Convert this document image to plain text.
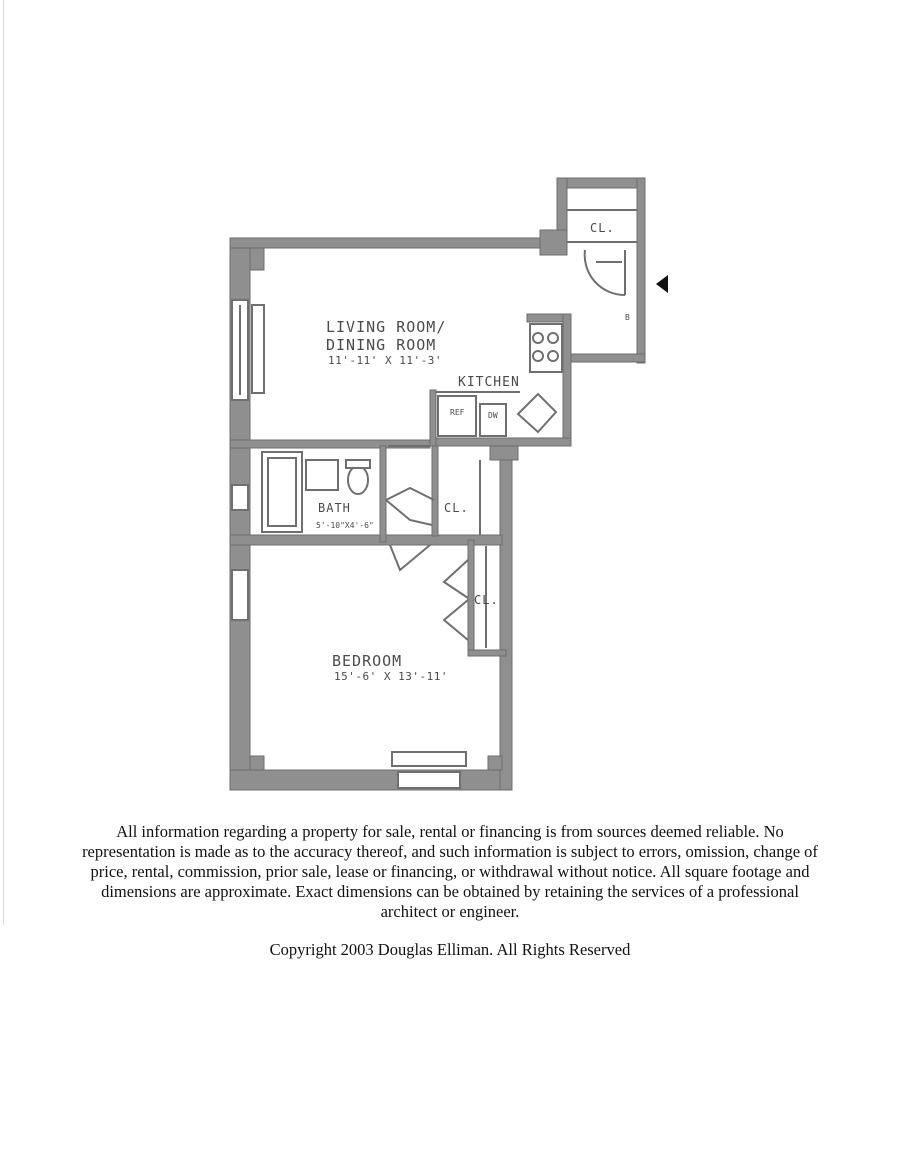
LIVING ROOM/
DINING ROOM
11'-11' X 11'-3'
KITCHEN
REF	DW
CL.
B
BATH
5'-10"X4'-6"
CL.
CL.
BEDROOM
15'-6' X 13'-11'

All information regarding a property for sale, rental or financing is from sources deemed reliable. No representation is made as to the accuracy thereof, and such information is subject to errors, omission, change of price, rental, commission, prior sale, lease or financing, or withdrawal without notice. All square footage and dimensions are approximate. Exact dimensions can be obtained by retaining the services of a professional architect or engineer.

Copyright 2003 Douglas Elliman. All Rights Reserved
